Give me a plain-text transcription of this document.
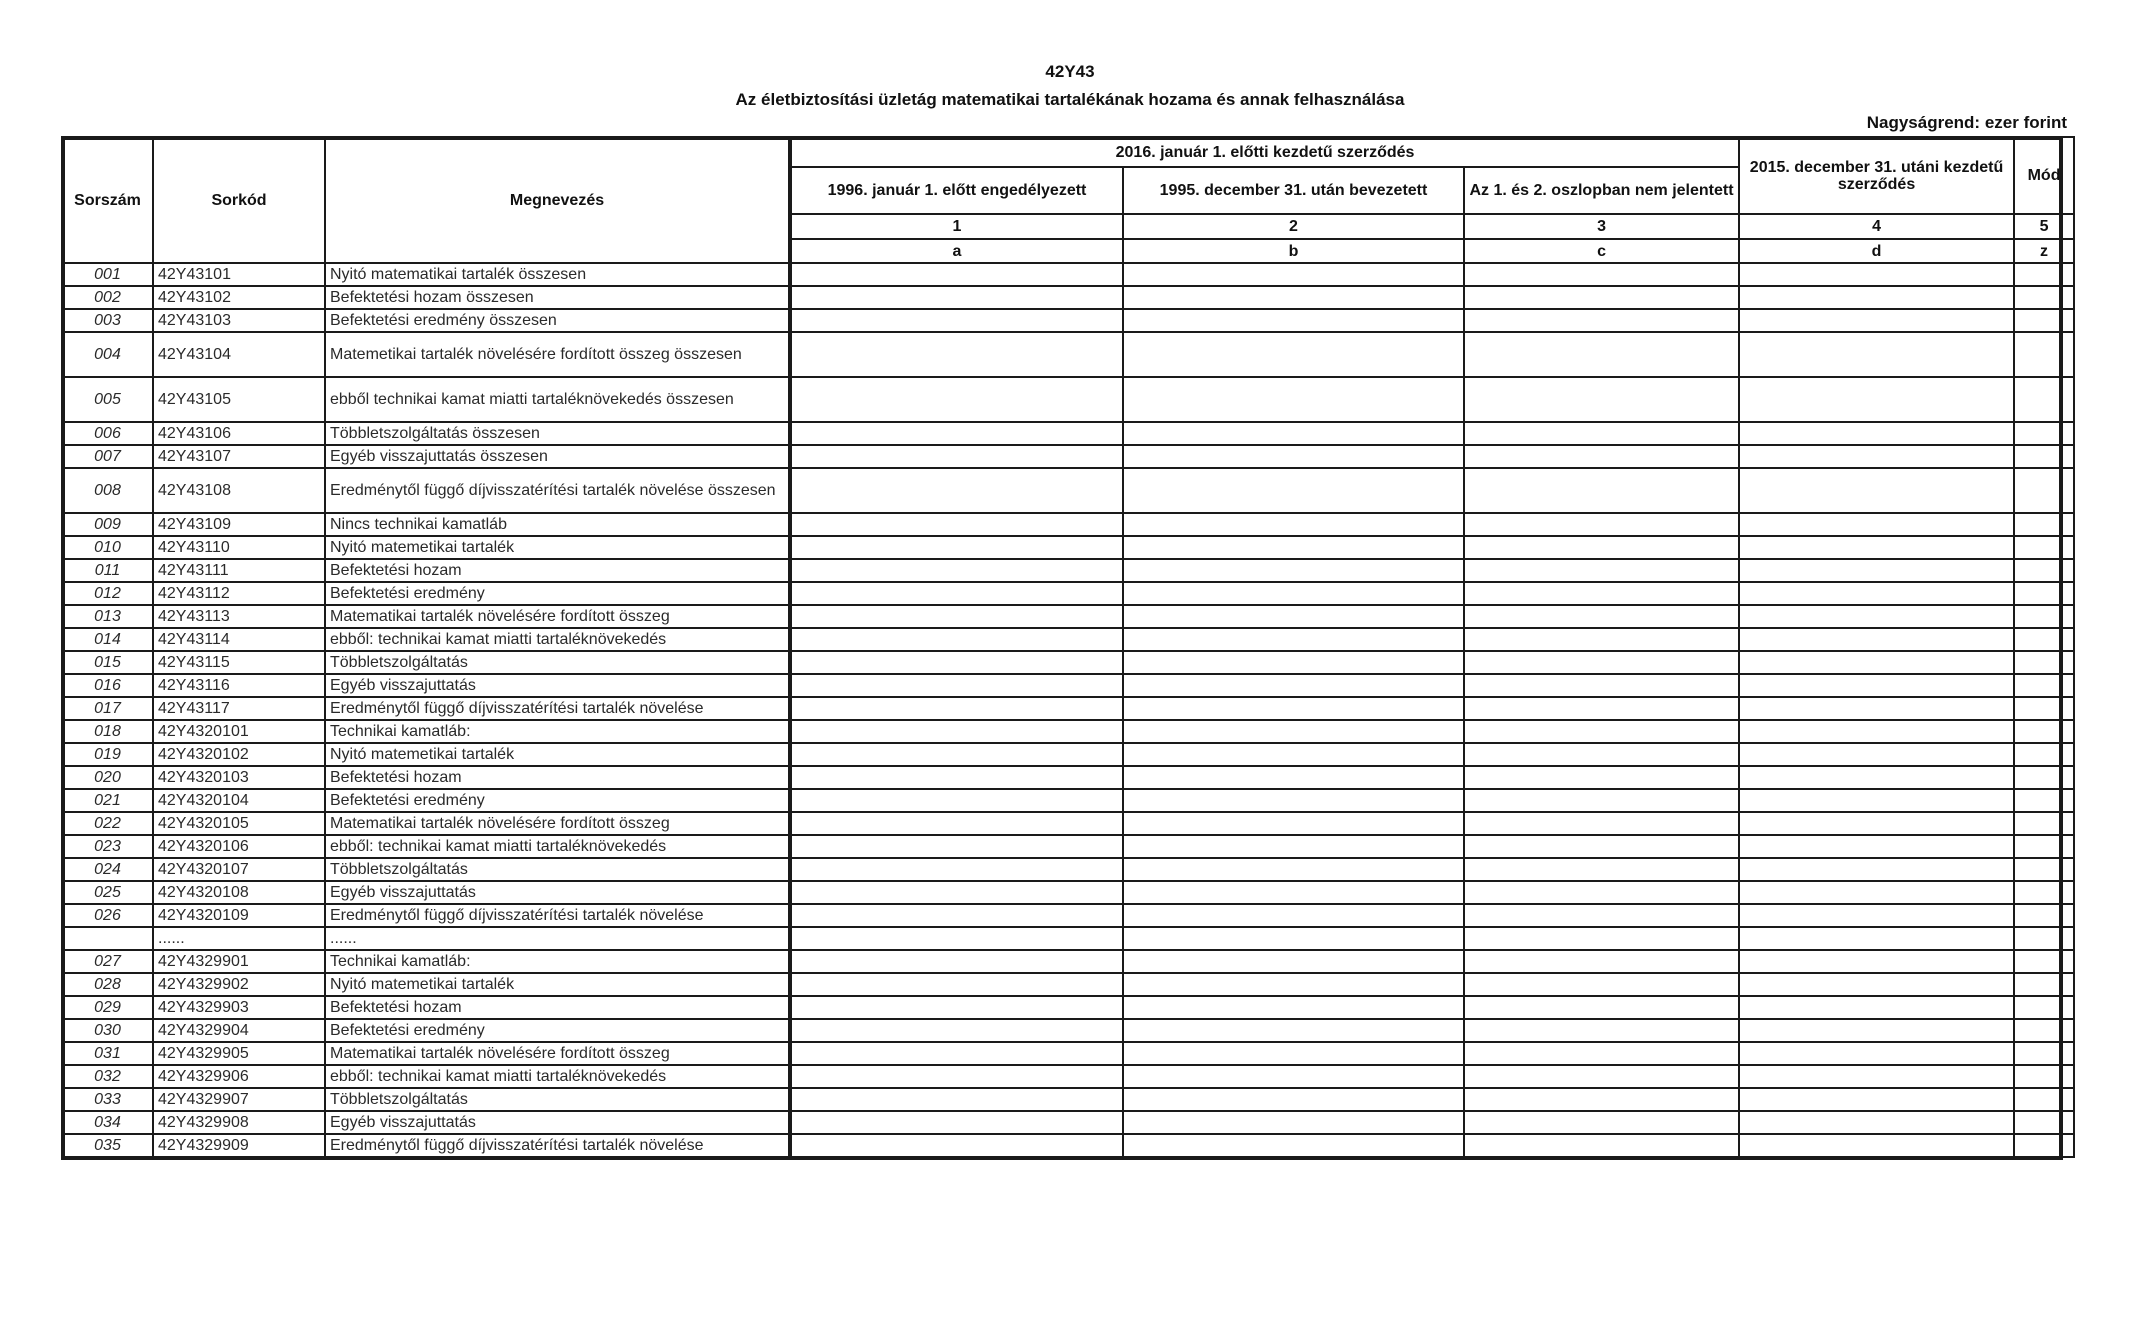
42Y43
Az életbiztosítási üzletág matematikai tartalékának hozama és annak felhasználása
Nagyságrend: ezer forint
Sorszám	Sorkód	Megnevezés	2016. január 1. előtti kezdetű szerződés			2015. december 31. utáni kezdetű szerződés	Mód
			1996. január 1. előtt engedélyezett	1995. december 31. után bevezetett	Az 1. és 2. oszlopban nem jelentett		
			1	2	3	4	5
			a	b	c	d	z
001	42Y43101	Nyitó matematikai tartalék összesen					
002	42Y43102	Befektetési hozam összesen					
003	42Y43103	Befektetési eredmény összesen					
004	42Y43104	Matemetikai tartalék növelésére fordított összeg összesen					
005	42Y43105	ebből technikai kamat miatti tartaléknövekedés összesen					
006	42Y43106	Többletszolgáltatás összesen					
007	42Y43107	Egyéb visszajuttatás összesen					
008	42Y43108	Eredménytől függő díjvisszatérítési tartalék növelése összesen					
009	42Y43109	Nincs technikai kamatláb					
010	42Y43110	Nyitó matemetikai tartalék					
011	42Y43111	Befektetési hozam					
012	42Y43112	Befektetési eredmény					
013	42Y43113	Matematikai tartalék növelésére fordított összeg					
014	42Y43114	ebből: technikai kamat miatti tartaléknövekedés					
015	42Y43115	Többletszolgáltatás					
016	42Y43116	Egyéb visszajuttatás					
017	42Y43117	Eredménytől függő díjvisszatérítési tartalék növelése					
018	42Y4320101	Technikai kamatláb:					
019	42Y4320102	Nyitó matemetikai tartalék					
020	42Y4320103	Befektetési hozam					
021	42Y4320104	Befektetési eredmény					
022	42Y4320105	Matematikai tartalék növelésére fordított összeg					
023	42Y4320106	ebből: technikai kamat miatti tartaléknövekedés					
024	42Y4320107	Többletszolgáltatás					
025	42Y4320108	Egyéb visszajuttatás					
026	42Y4320109	Eredménytől függő díjvisszatérítési tartalék növelése					
	......	......					
027	42Y4329901	Technikai kamatláb:					
028	42Y4329902	Nyitó matemetikai tartalék					
029	42Y4329903	Befektetési hozam					
030	42Y4329904	Befektetési eredmény					
031	42Y4329905	Matematikai tartalék növelésére fordított összeg					
032	42Y4329906	ebből: technikai kamat miatti tartaléknövekedés					
033	42Y4329907	Többletszolgáltatás					
034	42Y4329908	Egyéb visszajuttatás					
035	42Y4329909	Eredménytől függő díjvisszatérítési tartalék növelése					
